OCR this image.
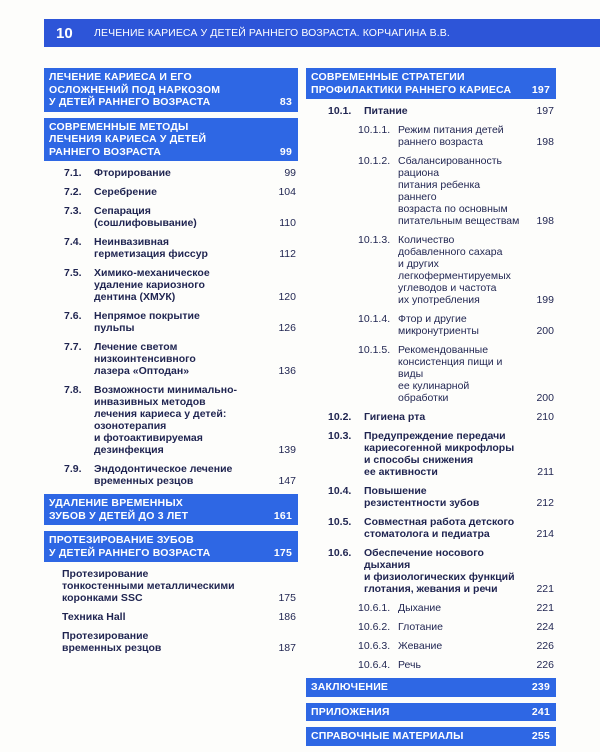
10	ЛЕЧЕНИЕ КАРИЕСА У ДЕТЕЙ РАННЕГО ВОЗРАСТА. КОРЧАГИНА В.В.
ЛЕЧЕНИЕ КАРИЕСА И ЕГО
ОСЛОЖНЕНИЙ ПОД НАРКОЗОМ
У ДЕТЕЙ РАННЕГО ВОЗРАСТА	83
СОВРЕМЕННЫЕ МЕТОДЫ
ЛЕЧЕНИЯ КАРИЕСА У ДЕТЕЙ
РАННЕГО ВОЗРАСТА	99
7.1. Фторирование	99
7.2. Серебрение	104
7.3. Сепарация
(сошлифовывание)	110
7.4. Неинвазивная
герметизация фиссур	112
7.5. Химико-механическое
удаление кариозного
дентина (ХМУК)	120
7.6. Непрямое покрытие
пульпы	126
7.7. Лечение светом
низкоинтенсивного
лазера «Оптодан»	136
7.8. Возможности минимально-
инвазивных методов
лечения кариеса у детей:
озонотерапия
и фотоактивируемая
дезинфекция	139
7.9. Эндодонтическое лечение
временных резцов	147
УДАЛЕНИЕ ВРЕМЕННЫХ
ЗУБОВ У ДЕТЕЙ ДО 3 ЛЕТ	161
ПРОТЕЗИРОВАНИЕ ЗУБОВ
У ДЕТЕЙ РАННЕГО ВОЗРАСТА	175
Протезирование
тонкостенными металлическими
коронками SSC	175
Техника Hall	186
Протезирование
временных резцов	187
СОВРЕМЕННЫЕ СТРАТЕГИИ
ПРОФИЛАКТИКИ РАННЕГО КАРИЕСА	197
10.1. Питание	197
10.1.1. Режим питания детей
раннего возраста	198
10.1.2. Сбалансированность рациона
питания ребенка раннего
возраста по основным
питательным веществам	198
10.1.3. Количество добавленного сахара
и других легкоферментируемых
углеводов и частота
их употребления	199
10.1.4. Фтор и другие
микронутриенты	200
10.1.5. Рекомендованные
консистенция пищи и виды
ее кулинарной обработки	200
10.2. Гигиена рта	210
10.3. Предупреждение передачи
кариесогенной микрофлоры
и способы снижения
ее активности	211
10.4. Повышение
резистентности зубов	212
10.5. Совместная работа детского
стоматолога и педиатра	214
10.6. Обеспечение носового дыхания
и физиологических функций
глотания, жевания и речи	221
10.6.1. Дыхание	221
10.6.2. Глотание	224
10.6.3. Жевание	226
10.6.4. Речь	226
ЗАКЛЮЧЕНИЕ	239
ПРИЛОЖЕНИЯ	241
СПРАВОЧНЫЕ МАТЕРИАЛЫ	255
